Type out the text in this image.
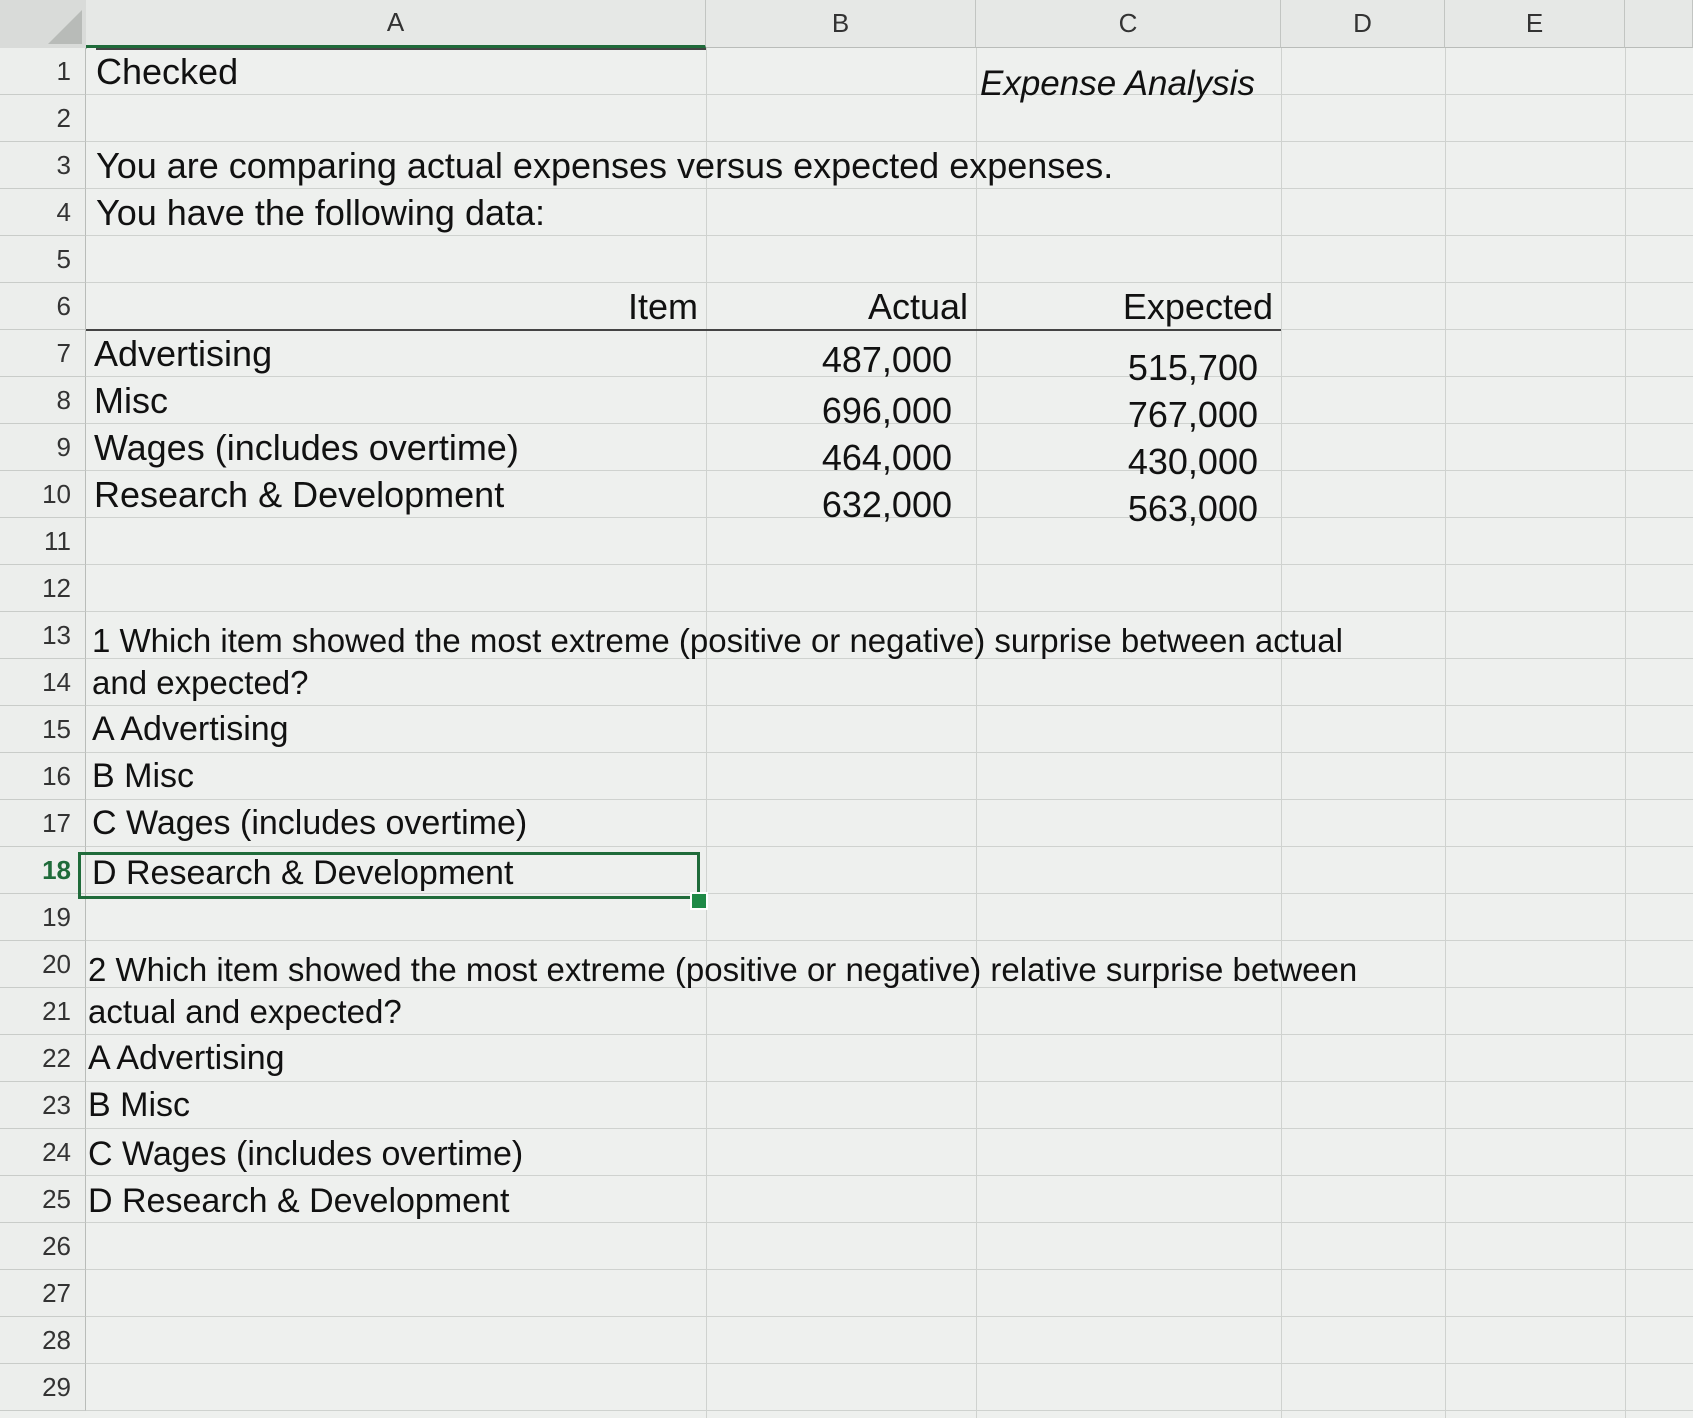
A	B	C	D	E
1
2
3
4
5
6
7
8
9
10
11
12
13
14
15
16
17
18
19
20
21
22
23
24
25
26
27
28
29
Checked	Expense Analysis
You are comparing actual expenses versus expected expenses.
You have the following data:
Item	Actual	Expected
Advertising	487,000	515,700
Misc	696,000	767,000
Wages (includes overtime)	464,000	430,000
Research & Development	632,000	563,000
1 Which item showed the most extreme (positive or negative) surprise between actual
and expected?
A Advertising
B Misc
C Wages (includes overtime)
D Research & Development
2 Which item showed the most extreme (positive or negative) relative surprise between
actual and expected?
A Advertising
B Misc
C Wages (includes overtime)
D Research & Development
